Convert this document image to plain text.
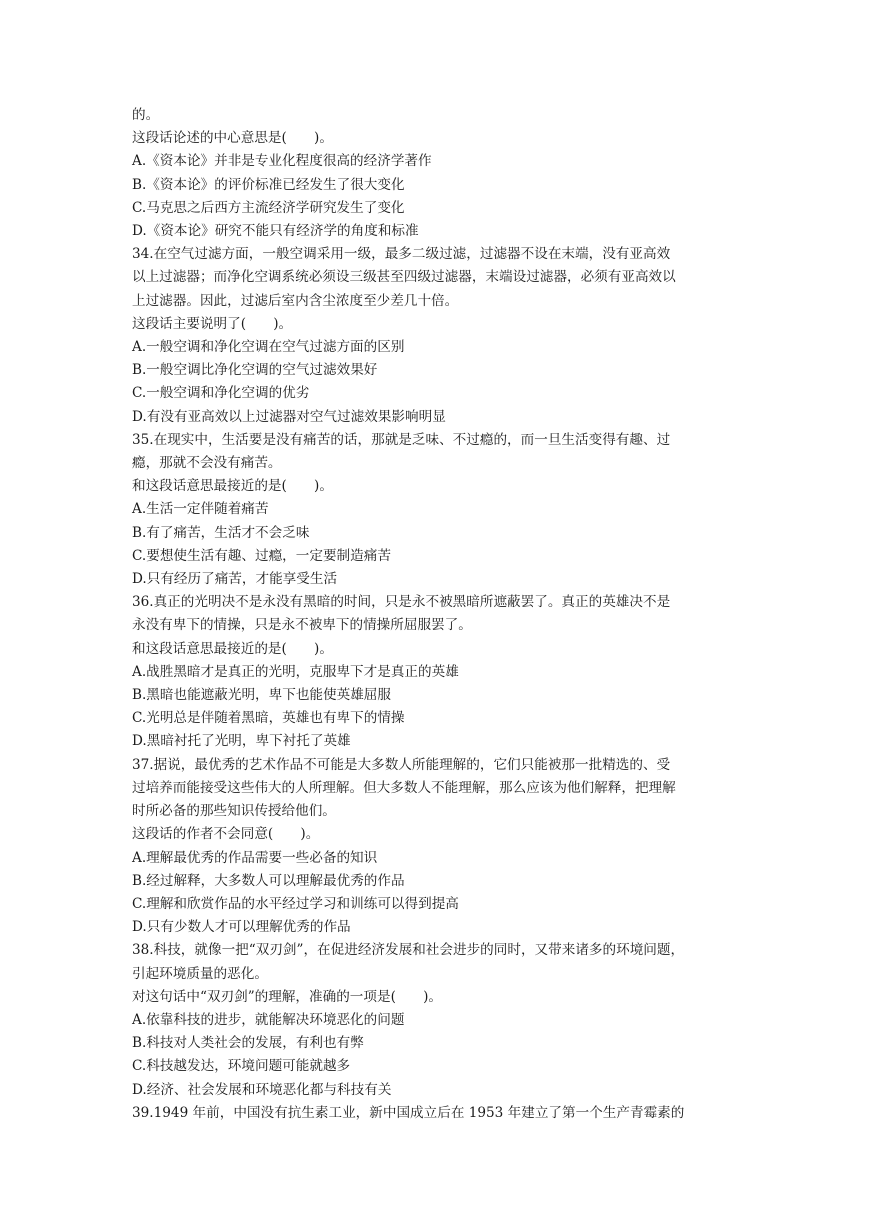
的。
这段话论述的中心意思是(　　)。
A.《资本论》并非是专业化程度很高的经济学著作
B.《资本论》的评价标准已经发生了很大变化
C.马克思之后西方主流经济学研究发生了变化
D.《资本论》研究不能只有经济学的角度和标准
34.在空气过滤方面，一般空调采用一级，最多二级过滤，过滤器不设在末端，没有亚高效
以上过滤器；而净化空调系统必须设三级甚至四级过滤器，末端设过滤器，必须有亚高效以
上过滤器。因此，过滤后室内含尘浓度至少差几十倍。
这段话主要说明了(　　)。
A.一般空调和净化空调在空气过滤方面的区别
B.一般空调比净化空调的空气过滤效果好
C.一般空调和净化空调的优劣
D.有没有亚高效以上过滤器对空气过滤效果影响明显
35.在现实中，生活要是没有痛苦的话，那就是乏味、不过瘾的，而一旦生活变得有趣、过
瘾，那就不会没有痛苦。
和这段话意思最接近的是(　　)。
A.生活一定伴随着痛苦
B.有了痛苦，生活才不会乏味
C.要想使生活有趣、过瘾，一定要制造痛苦
D.只有经历了痛苦，才能享受生活
36.真正的光明决不是永没有黑暗的时间，只是永不被黑暗所遮蔽罢了。真正的英雄决不是
永没有卑下的情操，只是永不被卑下的情操所屈服罢了。
和这段话意思最接近的是(　　)。
A.战胜黑暗才是真正的光明，克服卑下才是真正的英雄
B.黑暗也能遮蔽光明，卑下也能使英雄屈服
C.光明总是伴随着黑暗，英雄也有卑下的情操
D.黑暗衬托了光明，卑下衬托了英雄
37.据说，最优秀的艺术作品不可能是大多数人所能理解的，它们只能被那一批精选的、受
过培养而能接受这些伟大的人所理解。但大多数人不能理解，那么应该为他们解释，把理解
时所必备的那些知识传授给他们。
这段话的作者不会同意(　　)。
A.理解最优秀的作品需要一些必备的知识
B.经过解释，大多数人可以理解最优秀的作品
C.理解和欣赏作品的水平经过学习和训练可以得到提高
D.只有少数人才可以理解优秀的作品
38.科技，就像一把“双刃剑”，在促进经济发展和社会进步的同时，又带来诸多的环境问题，
引起环境质量的恶化。
对这句话中“双刃剑”的理解，准确的一项是(　　)。
A.依靠科技的进步，就能解决环境恶化的问题
B.科技对人类社会的发展，有利也有弊
C.科技越发达，环境问题可能就越多
D.经济、社会发展和环境恶化都与科技有关
39.1949 年前，中国没有抗生素工业，新中国成立后在 1953 年建立了第一个生产青霉素的
